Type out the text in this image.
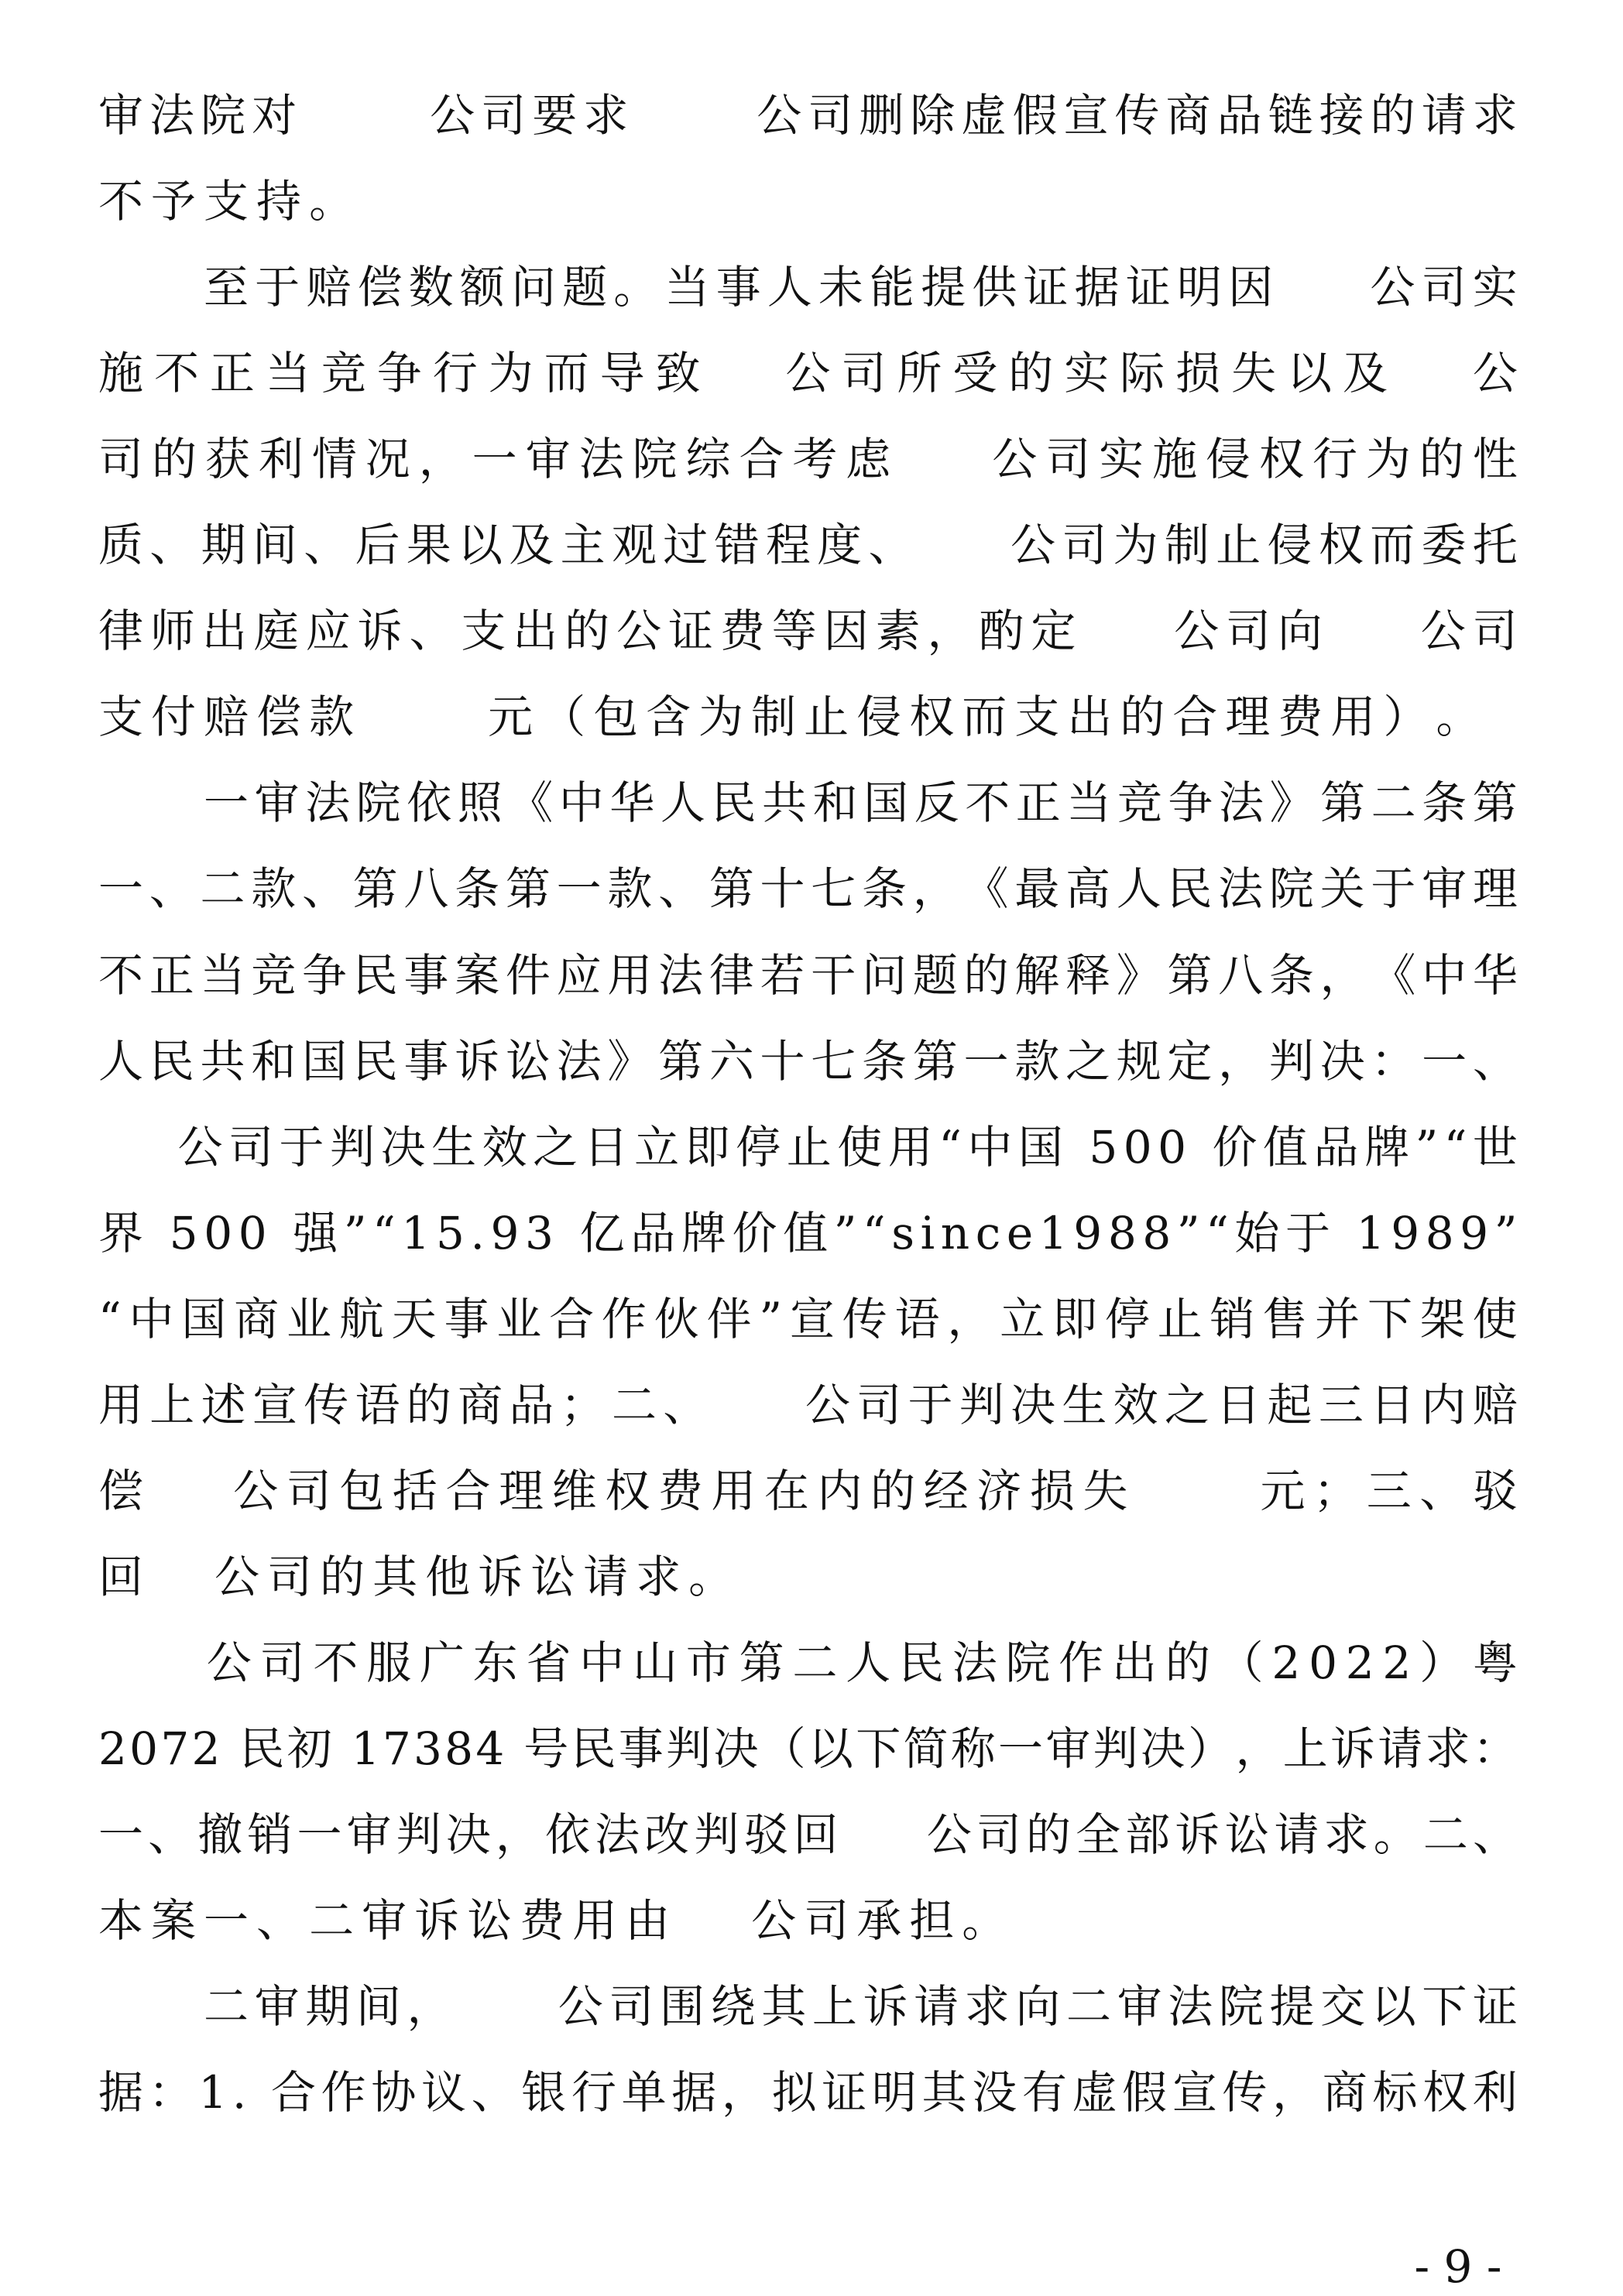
审 法 院 对	公 司 要 求	公 司 删 除 虚 假 宣 传 商 品 链 接 的 请 求
不 予 支 持 。
至 于 赔 偿 数 额 问 题 。 当 事 人 未 能 提 供 证 据 证 明 因 公 司 实
施 不 正 当 竞 争 行 为 而 导 致 公 司 所 受 的 实 际 损 失 以 及 公
司 的 获 利 情 况 ， 一 审 法 院 综 合 考 虑 公 司 实 施 侵 权 行 为 的 性
质 、 期 间 、 后 果 以 及 主 观 过 错 程 度 、 公 司 为 制 止 侵 权 而 委 托
律 师 出 庭 应 诉 、 支 出 的 公 证 费 等 因 素 ， 酌 定 公 司 向 公 司
支 付 赔 偿 款	元 （ 包 含 为 制 止 侵 权 而 支 出 的 合 理 费 用 ） 。
一 审 法 院 依 照 《 中 华 人 民 共 和 国 反 不 正 当 竞 争 法 》 第 二 条 第
一 、 二 款 、 第 八 条 第 一 款 、 第 十 七 条 ， 《 最 高 人 民 法 院 关 于 审 理
不 正 当 竞 争 民 事 案 件 应 用 法 律 若 干 问 题 的 解 释 》 第 八 条 ， 《 中 华
人 民 共 和 国 民 事 诉 讼 法 》 第 六 十 七 条 第 一 款 之 规 定 ， 判 决 ： 一 、
公 司 于 判 决 生 效 之 日 立 即 停 止 使 用 “ 中 国
5 0 0
价 值 品 牌 ” “ 世
界
5 0 0
强 ” “ 1 5 . 9 3
亿 品 牌 价 值 ” “ s i n c e 1 9 8 8 ” “ 始 于
1 9 8 9 ”
“ 中 国 商 业 航 天 事 业 合 作 伙 伴 ” 宣 传 语 ， 立 即 停 止 销 售 并 下 架 使
用 上 述 宣 传 语 的 商 品 ； 二 、 公 司 于 判 决 生 效 之 日 起 三 日 内 赔
偿 公 司 包 括 合 理 维 权 费 用 在 内 的 经 济 损 失	元 ； 三 、 驳
回 公 司 的 其 他 诉 讼 请 求 。
公 司 不 服 广 东 省 中 山 市 第 二 人 民 法 院 作 出 的 （ 2 0 2 2 ） 粤
2 0 7 2
民 初
1 7 3 8 4
号 民 事 判 决 （ 以 下 简 称 一 审 判 决 ） ， 上 诉 请 求 ：
一 、 撤 销 一 审 判 决 ， 依 法 改 判 驳 回 公 司 的 全 部 诉 讼 请 求 。 二 、
本 案 一 、 二 审 诉 讼 费 用 由 公 司 承 担 。
二 审 期 间 ， 公 司 围 绕 其 上 诉 请 求 向 二 审 法 院 提 交 以 下 证
据 ： 1 .
合 作 协 议 、 银 行 单 据 ， 拟 证 明 其 没 有 虚 假 宣 传 ， 商 标 权 利
- 9 -
